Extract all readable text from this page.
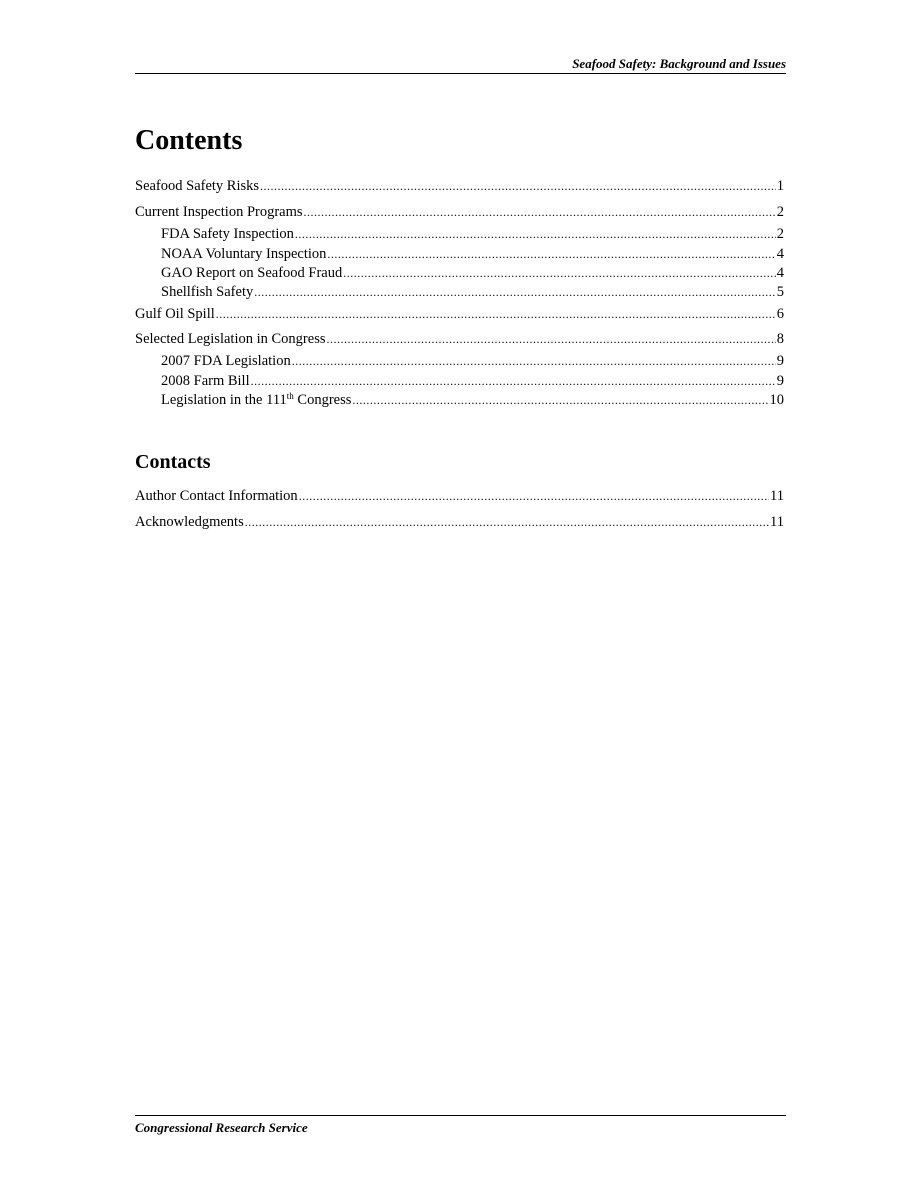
Seafood Safety: Background and Issues
Contents
Seafood Safety Risks .....	1
Current Inspection Programs .....	2
FDA Safety Inspection .....	2
NOAA Voluntary Inspection .....	4
GAO Report on Seafood Fraud .....	4
Shellfish Safety .....	5
Gulf Oil Spill .....	6
Selected Legislation in Congress .....	8
2007 FDA Legislation .....	9
2008 Farm Bill .....	9
Legislation in the 111th Congress .....	10
Contacts
Author Contact Information .....	11
Acknowledgments .....	11
Congressional Research Service
